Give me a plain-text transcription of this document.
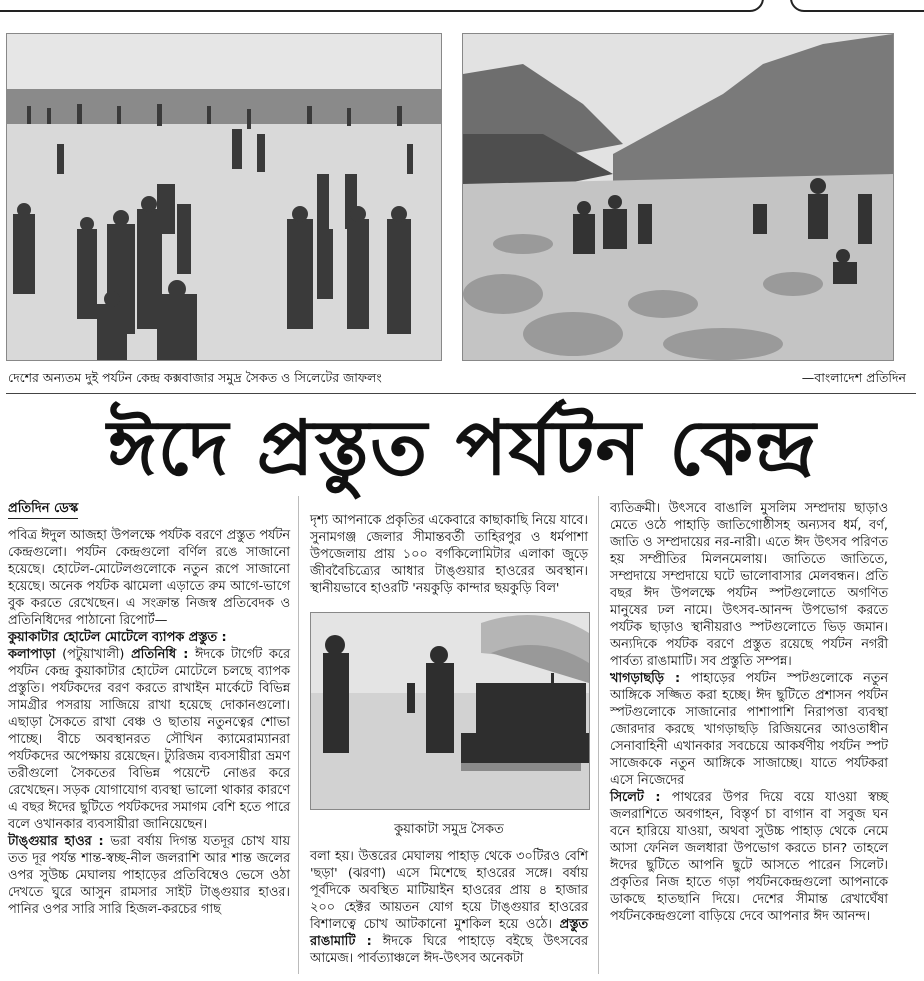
দেশের অন্যতম দুই পর্যটন কেন্দ্র কক্সবাজার সমুদ্র সৈকত ও সিলেটের জাফলং	—বাংলাদেশ প্রতিদিন
ঈদে প্রস্তুত পর্যটন কেন্দ্র
প্রতিদিন ডেস্ক

পবিত্র ঈদুল আজহা উপলক্ষে পর্যটক বরণে প্রস্তুত পর্যটন কেন্দ্রগুলো। পর্যটন কেন্দ্রগুলো বর্ণিল রঙে সাজানো হয়েছে। হোটেল-মোটেলগুলোকে নতুন রূপে সাজানো হয়েছে। অনেক পর্যটক ঝামেলা এড়াতে রুম আগে-ভাগে বুক করতে রেখেছেন। এ সংক্রান্ত নিজস্ব প্রতিবেদক ও প্রতিনিধিদের পাঠানো রিপোর্ট—

কুয়াকাটার হোটেল মোটেলে ব্যাপক প্রস্তুত :
কলাপাড়া (পটুয়াখালী) প্রতিনিধি : ঈদকে টার্গেট করে পর্যটন কেন্দ্র কুয়াকাটার হোটেল মোটেলে চলছে ব্যাপক প্রস্তুতি। পর্যটকদের বরণ করতে রাখাইন মার্কেটে বিভিন্ন সামগ্রীর পসরায় সাজিয়ে রাখা হয়েছে দোকানগুলো। এছাড়া সৈকতে রাখা বেঞ্চ ও ছাতায় নতুনত্বের শোভা পাচ্ছে। বীচে অবস্থানরত সৌখিন ক্যামেরাম্যানরা পর্যটকদের অপেক্ষায় রয়েছেন। ট্যুরিজম ব্যবসায়ীরা ভ্রমণ তরীগুলো সৈকতের বিভিন্ন পয়েন্টে নোঙর করে রেখেছেন। সড়ক যোগাযোগ ব্যবস্থা ভালো থাকার কারণে এ বছর ঈদের ছুটিতে পর্যটকদের সমাগম বেশি হতে পারে বলে ওখানকার ব্যবসায়ীরা জানিয়েছেন।

টাঙ্গুয়ার হাওর : ভরা বর্ষায় দিগন্ত যতদূর চোখ যায় তত দূর পর্যন্ত শান্ত-স্বচ্ছ-নীল জলরাশি আর শান্ত জলের ওপর সুউচ্চ মেঘালয় পাহাড়ের প্রতিবিম্বেও ভেসে ওঠা দেখতে ঘুরে আসুন রামসার সাইট টাঙ্গুয়ার হাওর। পানির ওপর সারি সারি হিজল-করচের গাছ

দৃশ্য আপনাকে প্রকৃতির একেবারে কাছাকাছি নিয়ে যাবে। সুনামগঞ্জ জেলার সীমান্তবর্তী তাহিরপুর ও ধর্মপাশা উপজেলায় প্রায় ১০০ বর্গকিলোমিটার এলাকা জুড়ে জীববৈচিত্র্যের আধার টাঙ্গুয়ার হাওরের অবস্থান। স্থানীয়ভাবে হাওরটি 'নয়কুড়ি কান্দার ছয়কুড়ি বিল'

কুয়াকাটা সমুদ্র সৈকত

বলা হয়। উত্তরের মেঘালয় পাহাড় থেকে ৩০টিরও বেশি 'ছড়া' (ঝরণা) এসে মিশেছে হাওরের সঙ্গে। বর্ষায় পূর্বদিকে অবস্থিত মাটিয়াইন হাওরের প্রায় ৪ হাজার ২০০ হেক্টর আয়তন যোগ হয়ে টাঙ্গুয়ার হাওরের বিশালত্বে চোখ আটকানো মুশকিল হয়ে ওঠে। প্রস্তুত রাঙামাটি : ঈদকে ঘিরে পাহাড়ে বইছে উৎসবের আমেজ। পার্বত্যাঞ্চলে ঈদ-উৎসব অনেকটা

ব্যতিক্রমী। উৎসবে বাঙালি মুসলিম সম্প্রদায় ছাড়াও মেতে ওঠে পাহাড়ি জাতিগোষ্ঠীসহ অন্যসব ধর্ম, বর্ণ, জাতি ও সম্প্রদায়ের নর-নারী। এতে ঈদ উৎসব পরিণত হয় সম্প্রীতির মিলনমেলায়। জাতিতে জাতিতে, সম্প্রদায়ে সম্প্রদায়ে ঘটে ভালোবাসার মেলবন্ধন। প্রতি বছর ঈদ উপলক্ষে পর্যটন স্পটগুলোতে অগণিত মানুষের ঢল নামে। উৎসব-আনন্দ উপভোগ করতে পর্যটক ছাড়াও স্থানীয়রাও স্পটগুলোতে ভিড় জমান। অন্যদিকে পর্যটক বরণে প্রস্তুত রয়েছে পর্যটন নগরী পার্বত্য রাঙামাটি। সব প্রস্তুতি সম্পন্ন।

খাগড়াছড়ি : পাহাড়ের পর্যটন স্পটগুলোকে নতুন আঙ্গিকে সজ্জিত করা হচ্ছে। ঈদ ছুটিতে প্রশাসন পর্যটন স্পটগুলোকে সাজানোর পাশাপাশি নিরাপত্তা ব্যবস্থা জোরদার করছে খাগড়াছড়ি রিজিয়নের আওতাধীন সেনাবাহিনী এখানকার সবচেয়ে আকর্ষণীয় পর্যটন স্পট সাজেককে নতুন আঙ্গিকে সাজাচ্ছে। যাতে পর্যটকরা এসে নিজেদের

সিলেট : পাথরের উপর দিয়ে বয়ে যাওয়া স্বচ্ছ জলরাশিতে অবগাহন, বিস্তৃর্ণ চা বাগান বা সবুজ ঘন বনে হারিয়ে যাওয়া, অথবা সুউচ্চ পাহাড় থেকে নেমে আসা ফেনিল জলধারা উপভোগ করতে চান? তাহলে ঈদের ছুটিতে আপনি ছুটে আসতে পারেন সিলেট। প্রকৃতির নিজ হাতে গড়া পর্যটনকেন্দ্রগুলো আপনাকে ডাকছে হাতছানি দিয়ে। দেশের সীমান্ত রেখাঘেঁষা পর্যটনকেন্দ্রগুলো বাড়িয়ে দেবে আপনার ঈদ আনন্দ।
